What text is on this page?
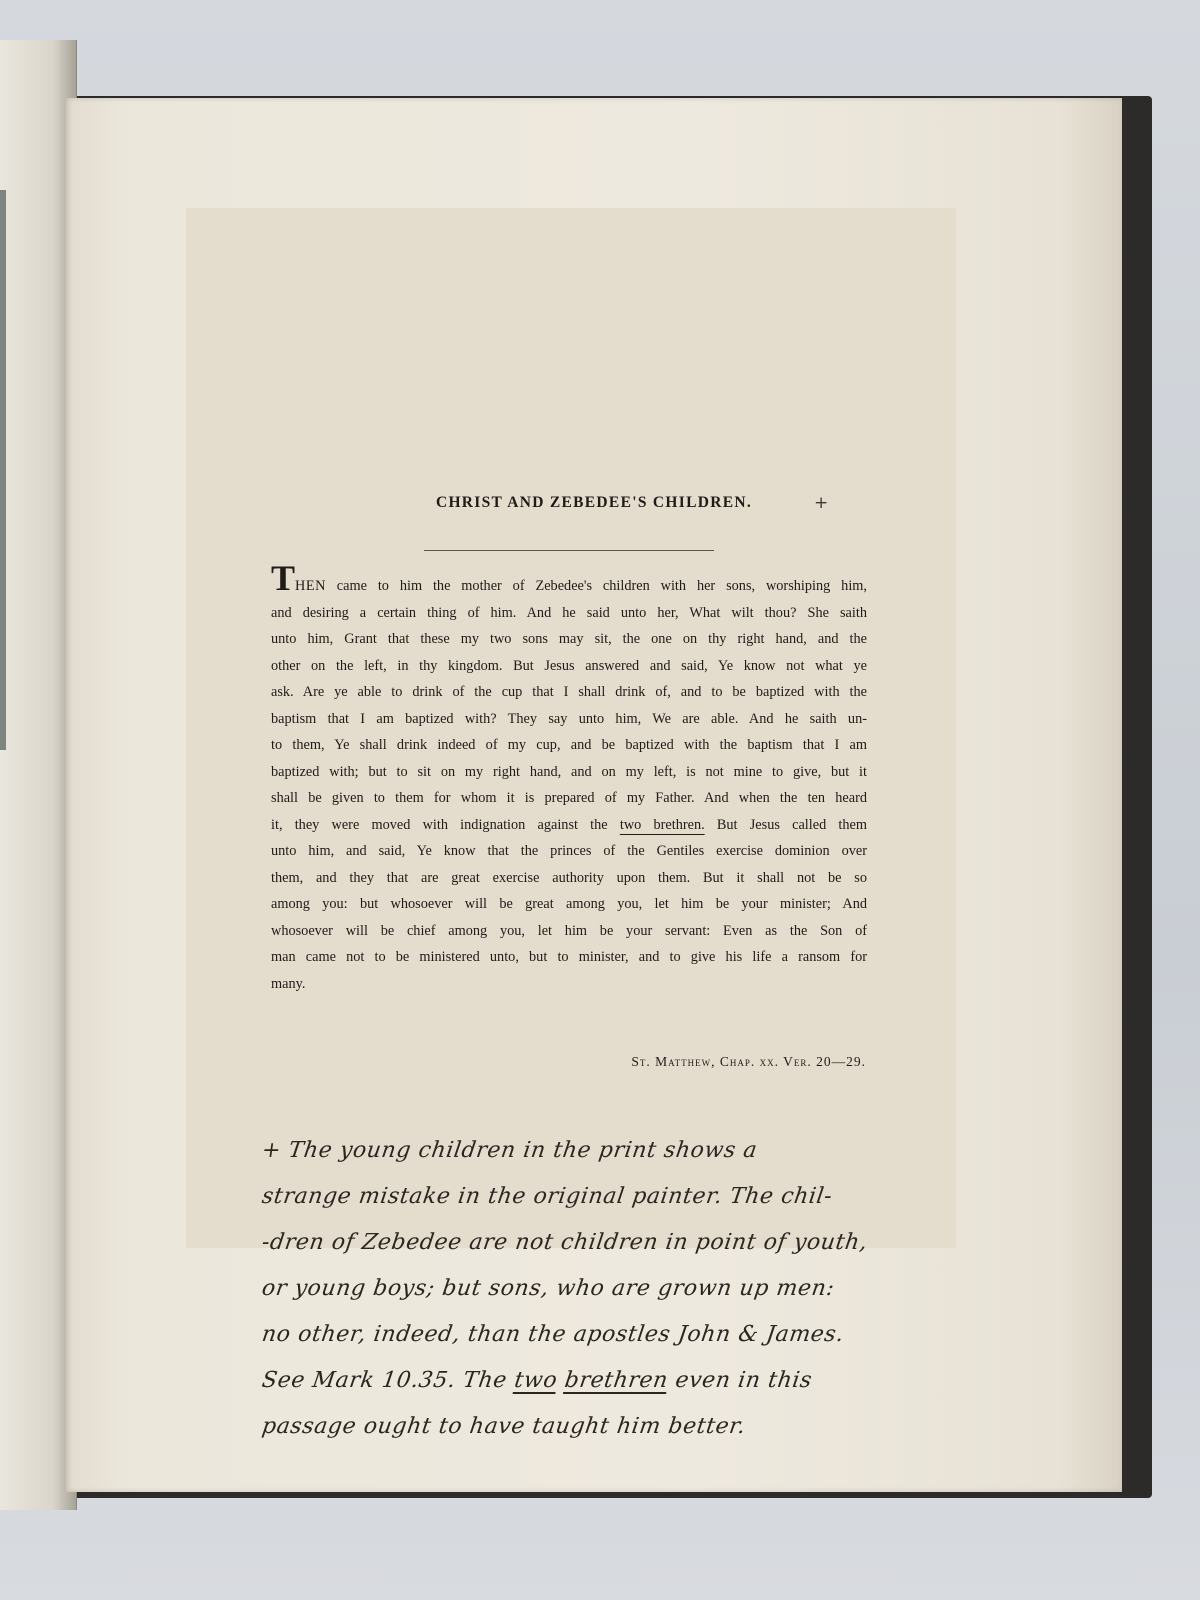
CHRIST AND ZEBEDEE'S CHILDREN.	+
THEN came to him the mother of Zebedee's children with her sons, worshiping him,
and desiring a certain thing of him. And he said unto her, What wilt thou? She saith
unto him, Grant that these my two sons may sit, the one on thy right hand, and the
other on the left, in thy kingdom. But Jesus answered and said, Ye know not what ye
ask. Are ye able to drink of the cup that I shall drink of, and to be baptized with the
baptism that I am baptized with? They say unto him, We are able. And he saith un-
to them, Ye shall drink indeed of my cup, and be baptized with the baptism that I am
baptized with; but to sit on my right hand, and on my left, is not mine to give, but it
shall be given to them for whom it is prepared of my Father. And when the ten heard
it, they were moved with indignation against the two brethren. But Jesus called them
unto him, and said, Ye know that the princes of the Gentiles exercise dominion over
them, and they that are great exercise authority upon them. But it shall not be so
among you: but whosoever will be great among you, let him be your minister; And
whosoever will be chief among you, let him be your servant: Even as the Son of
man came not to be ministered unto, but to minister, and to give his life a ransom for
many.
St. Matthew, Chap. xx. Ver. 20—29.
+ The young children in the print shows a
strange mistake in the original painter. The chil-
-dren of Zebedee are not children in point of youth,
or young boys; but sons, who are grown up men:
no other, indeed, than the apostles John & James.
See Mark 10.35. The two brethren even in this
passage ought to have taught him better.
